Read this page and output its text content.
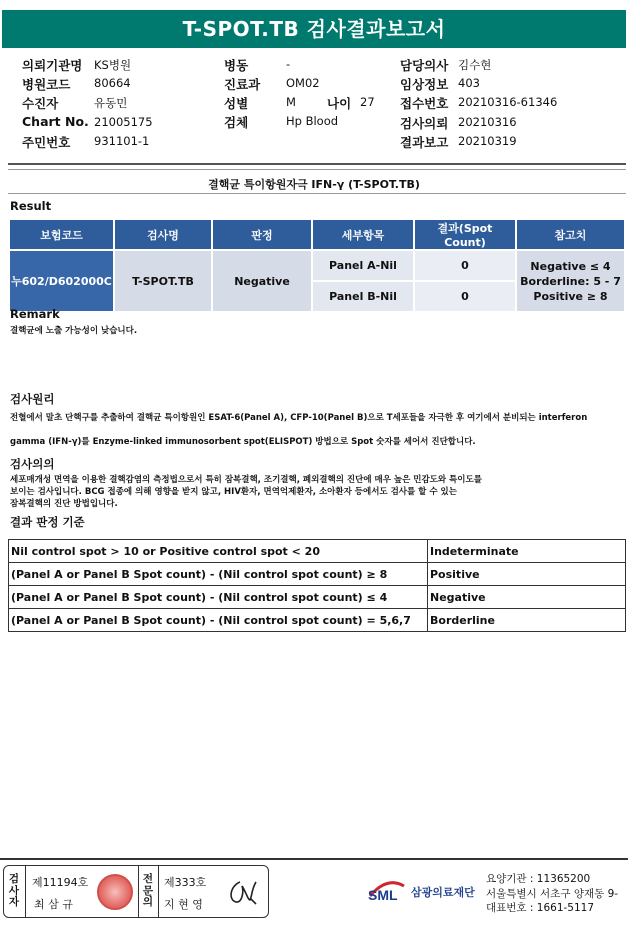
T-SPOT.TB 검사결과보고서
의뢰기관명 KS병원
병원코드 80664
수진자	유동민
Chart No. 21005175
주민번호 931101-1
병동	-
진료과 OM02
성별	M 나이 27
검체	Hp Blood
담당의사 김수현
임상정보 403
접수번호 20210316-61346
검사의뢰 20210316
결과보고 20210319
결핵균 특이항원자극 IFN-γ (T-SPOT.TB)
Result
보험코드	검사명	판정	세부항목	결과(Spot Count)	참고치
누602/D602000C	T-SPOT.TB	Negative	Panel A-Nil	0	Negative ≤ 4
Borderline: 5 - 7
Positive ≥ 8

			Panel B-Nil	0	
Remark
결핵균에 노출 가능성이 낮습니다.
검사원리
전혈에서 말초 단핵구를 추출하여 결핵균 특이항원인 ESAT-6(Panel A), CFP-10(Panel B)으로 T세포들을 자극한 후 여기에서 분비되는 interferon
gamma (IFN-γ)를 Enzyme-linked immunosorbent spot(ELISPOT) 방법으로 Spot 숫자를 세어서 진단합니다.
검사의의
세포매개성 면역을 이용한 결핵감염의 측정법으로서 특히 잠복결핵, 조기결핵, 폐외결핵의 진단에 매우 높은 민감도와 특이도를
보이는 검사입니다. BCG 접종에 의해 영향을 받지 않고, HIV환자, 면역억제환자, 소아환자 등에서도 검사를 할 수 있는
잠복결핵의 진단 방법입니다.
결과 판정 기준
Nil control spot > 10 or Positive control spot < 20	Indeterminate
(Panel A or Panel B Spot count) - (Nil control spot count) ≥ 8	Positive
(Panel A or Panel B Spot count) - (Nil control spot count) ≤ 4	Negative
(Panel A or Panel B Spot count) - (Nil control spot count) = 5,6,7	Borderline
검사자
제11194호
최 삼 규
전문의
제333호
지 현 영
SML 삼광의료재단
요양기관 : 11365200
서울특별시 서초구 양재동 9-
대표번호 : 1661-5117
